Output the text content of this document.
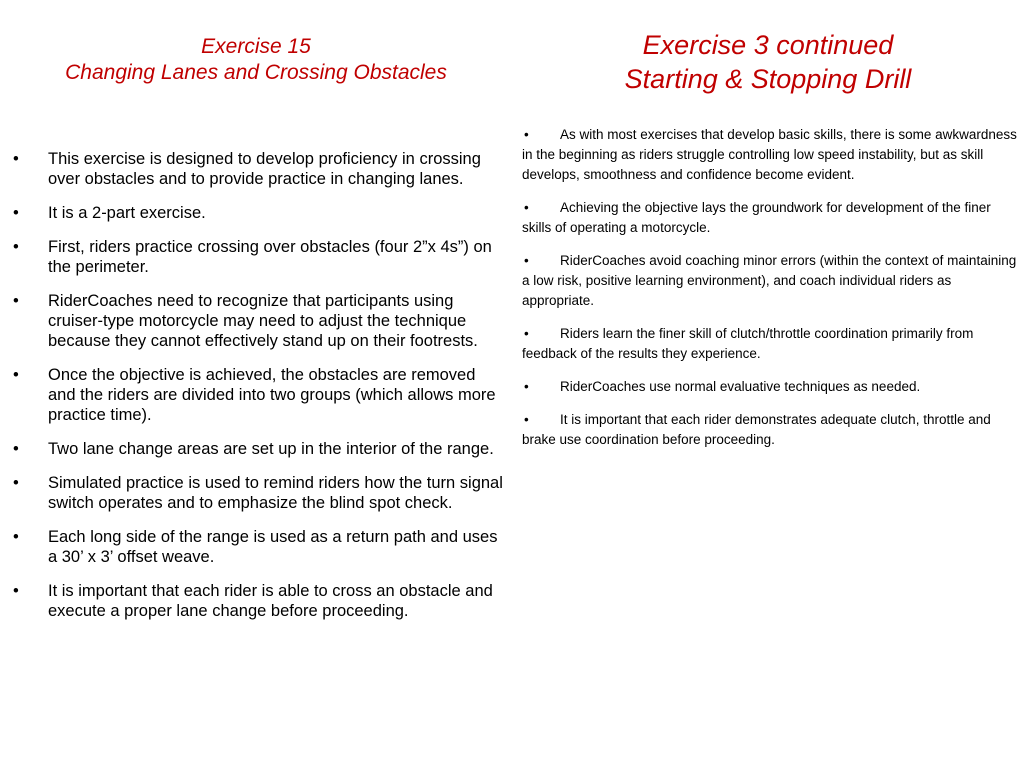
Exercise 15
Changing Lanes and Crossing Obstacles
• This exercise is designed to develop proficiency in crossing over obstacles and to provide practice in changing lanes.
• It is a 2-part exercise.
• First, riders practice crossing over obstacles (four 2”x 4s”) on the perimeter.
• RiderCoaches need to recognize that participants using cruiser-type motorcycle may need to adjust the technique because they cannot effectively stand up on their footrests.
• Once the objective is achieved, the obstacles are removed and the riders are divided into two groups (which allows more practice time).
• Two lane change areas are set up in the interior of the range.
• Simulated practice is used to remind riders how the turn signal switch operates and to emphasize the blind spot check.
• Each long side of the range is used as a return path and uses a 30’ x 3’ offset weave.
• It is important that each rider is able to cross an obstacle and execute a proper lane change before proceeding.
Exercise 3 continued
Starting & Stopping Drill
• As with most exercises that develop basic skills, there is some awkwardness in the beginning as riders struggle controlling low speed instability, but as skill develops, smoothness and confidence become evident.
• Achieving the objective lays the groundwork for development of the finer skills of operating a motorcycle.
• RiderCoaches avoid coaching minor errors (within the context of maintaining a low risk, positive learning environment), and coach individual riders as appropriate.
• Riders learn the finer skill of clutch/throttle coordination primarily from feedback of the results they experience.
• RiderCoaches use normal evaluative techniques as needed.
• It is important that each rider demonstrates adequate clutch, throttle and brake use coordination before proceeding.
